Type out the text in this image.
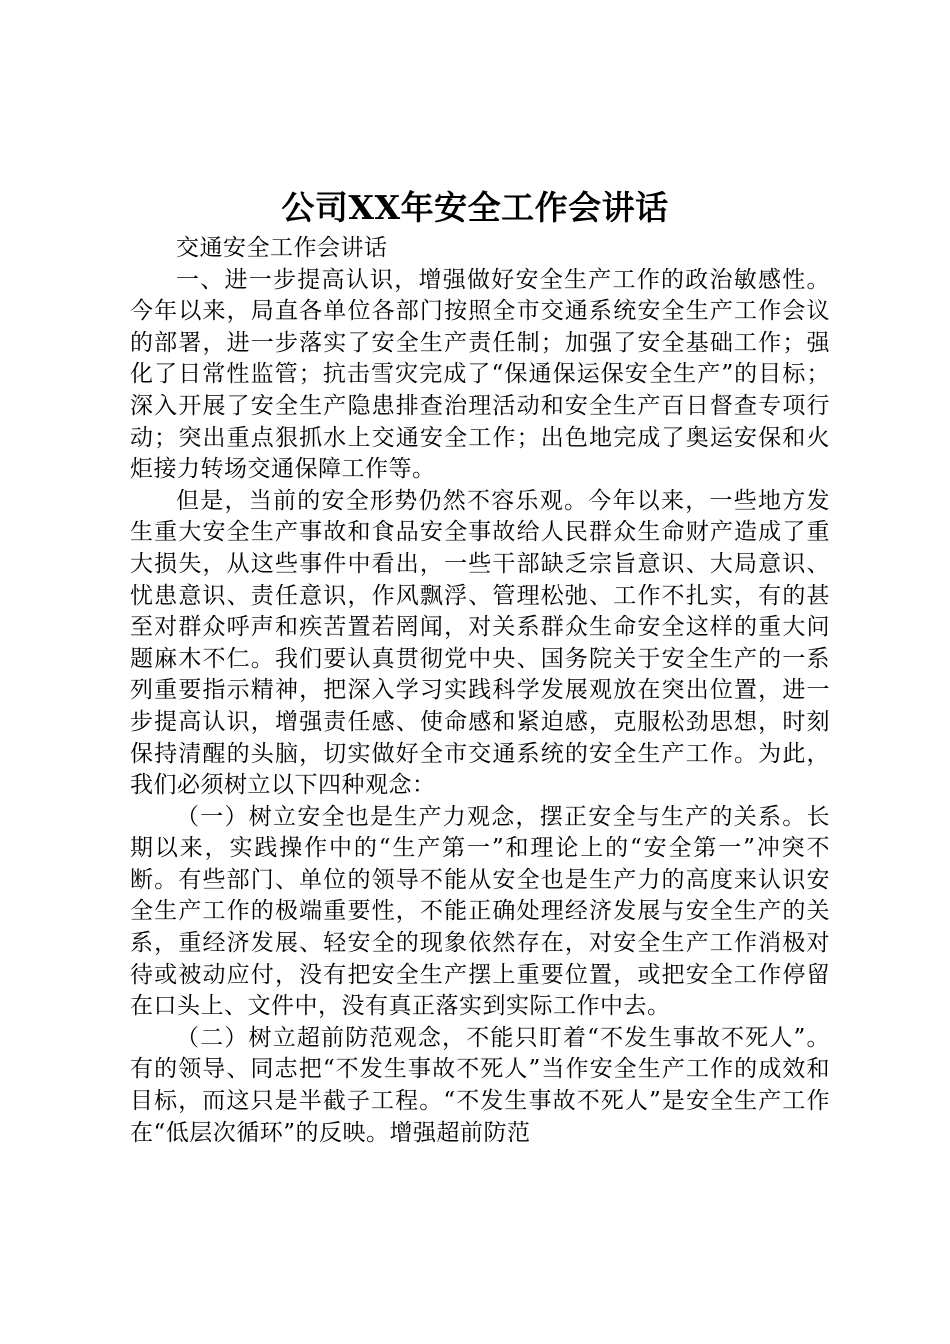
公司XX年安全工作会讲话

交通安全工作会讲话

一、进一步提高认识，增强做好安全生产工作的政治敏感性。今年以来，局直各单位各部门按照全市交通系统安全生产工作会议的部署，进一步落实了安全生产责任制；加强了安全基础工作；强化了日常性监管；抗击雪灾完成了“保通保运保安全生产”的目标；深入开展了安全生产隐患排查治理活动和安全生产百日督查专项行动；突出重点狠抓水上交通安全工作；出色地完成了奥运安保和火炬接力转场交通保障工作等。

但是，当前的安全形势仍然不容乐观。今年以来，一些地方发生重大安全生产事故和食品安全事故给人民群众生命财产造成了重大损失，从这些事件中看出，一些干部缺乏宗旨意识、大局意识、忧患意识、责任意识，作风飘浮、管理松弛、工作不扎实，有的甚至对群众呼声和疾苦置若罔闻，对关系群众生命安全这样的重大问题麻木不仁。我们要认真贯彻党中央、国务院关于安全生产的一系列重要指示精神，把深入学习实践科学发展观放在突出位置，进一步提高认识，增强责任感、使命感和紧迫感，克服松劲思想，时刻保持清醒的头脑，切实做好全市交通系统的安全生产工作。为此，我们必须树立以下四种观念：

（一）树立安全也是生产力观念，摆正安全与生产的关系。长期以来，实践操作中的“生产第一”和理论上的“安全第一”冲突不断。有些部门、单位的领导不能从安全也是生产力的高度来认识安全生产工作的极端重要性，不能正确处理经济发展与安全生产的关系，重经济发展、轻安全的现象依然存在，对安全生产工作消极对待或被动应付，没有把安全生产摆上重要位置，或把安全工作停留在口头上、文件中，没有真正落实到实际工作中去。

（二）树立超前防范观念，不能只盯着“不发生事故不死人”。有的领导、同志把“不发生事故不死人”当作安全生产工作的成效和目标，而这只是半截子工程。“不发生事故不死人”是安全生产工作在“低层次循环”的反映。增强超前防范
